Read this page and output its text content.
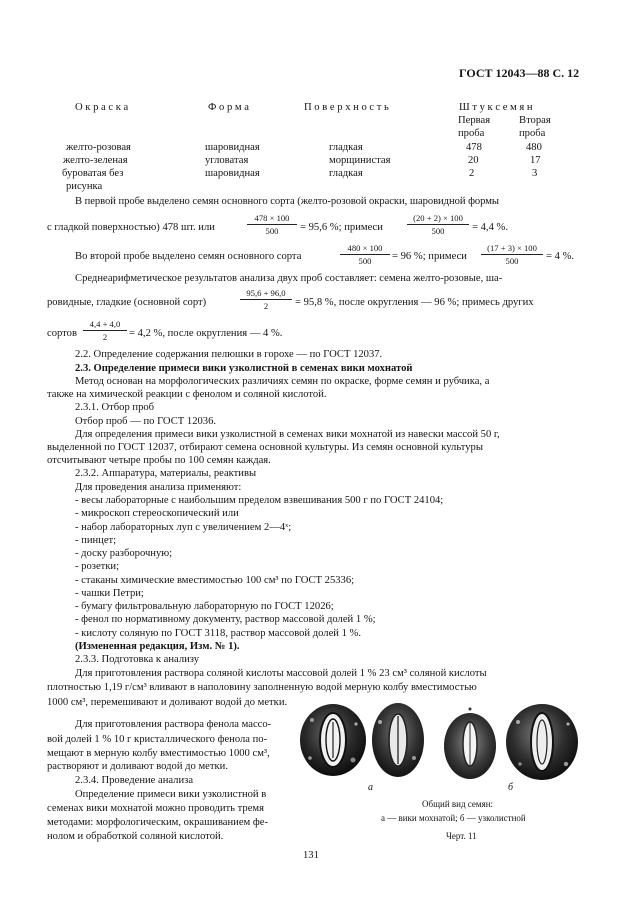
ГОСТ 12043—88 С. 12
О к р а с к а	Ф о р м а	П о в е р х н о с т ь	Ш т у к с е м я н
Первая
проба
Вторая
проба
желто-розовая	шаровидная	гладкая	478	480
желто-зеленая	угловатая	морщинистая	20	17
буроватая без	шаровидная	гладкая	2	3
рисунка
В первой пробе выделено семян основного сорта (желто-розовой окраски, шаровидной формы
с гладкой поверхностью) 478 шт. или	$\frac{478 \times 100}{500} = 95,6$ %; примеси	$\frac{(20 + 2) \times 100}{500} = 4,4$ %.
Во второй пробе выделено семян основного сорта	$\frac{480 \times 100}{500} = 96$ %; примеси $\frac{(17 + 3) \times 100}{500} = 4$ %.
Среднеарифметическое результатов анализа двух проб составляет: семена желто-розовые, ша-
ровидные, гладкие (основной сорт)	$\frac{95,6 + 96,0}{2} = 95,8$ %, после округления — 96 %; примесь других
сортов $\frac{4,4 + 4,0}{2} = 4,2$ %, после округления — 4 %.
2.2. Определение содержания пелюшки в горохе — по ГОСТ 12037.
2.3. Определение примеси вики узколистной в семенах вики мохнатой
Метод основан на морфологических различиях семян по окраске, форме семян и рубчика, а
также на химической реакции с фенолом и соляной кислотой.
2.3.1. Отбор проб
Отбор проб — по ГОСТ 12036.
Для определения примеси вики узколистной в семенах вики мохнатой из навески массой 50 г,
выделенной по ГОСТ 12037, отбирают семена основной культуры. Из семян основной культуры
отсчитывают четыре пробы по 100 семян каждая.
2.3.2. Аппаратура, материалы, реактивы
Для проведения анализа применяют:
- весы лабораторные с наибольшим пределом взвешивания 500 г по ГОСТ 24104;
- микроскоп стереоскопический или
- набор лабораторных луп с увеличением 2—4ˣ;
- пинцет;
- доску разборочную;
- розетки;
- стаканы химические вместимостью 100 см³ по ГОСТ 25336;
- чашки Петри;
- бумагу фильтровальную лабораторную по ГОСТ 12026;
- фенол по нормативному документу, раствор массовой долей 1 %;
- кислоту соляную по ГОСТ 3118, раствор массовой долей 1 %.
(Измененная редакция, Изм. № 1).
2.3.3. Подготовка к анализу
Для приготовления раствора соляной кислоты массовой долей 1 % 23 см³ соляной кислоты
плотностью 1,19 г/см³ вливают в наполовину заполненную водой мерную колбу вместимостью
1000 см³, перемешивают и доливают водой до метки.
Для приготовления раствора фенола массо-
вой долей 1 % 10 г кристаллического фенола по-
мещают в мерную колбу вместимостью 1000 см³,
растворяют и доливают водой до метки.
2.3.4. Проведение анализа
Определение примеси вики узколистной в
семенах вики мохнатой можно проводить тремя
методами: морфологическим, окрашиванием фе-
нолом и обработкой соляной кислотой.
а	б
Общий вид семян:
а — вики мохнатой; б — узколистной
Черт. 11
131
